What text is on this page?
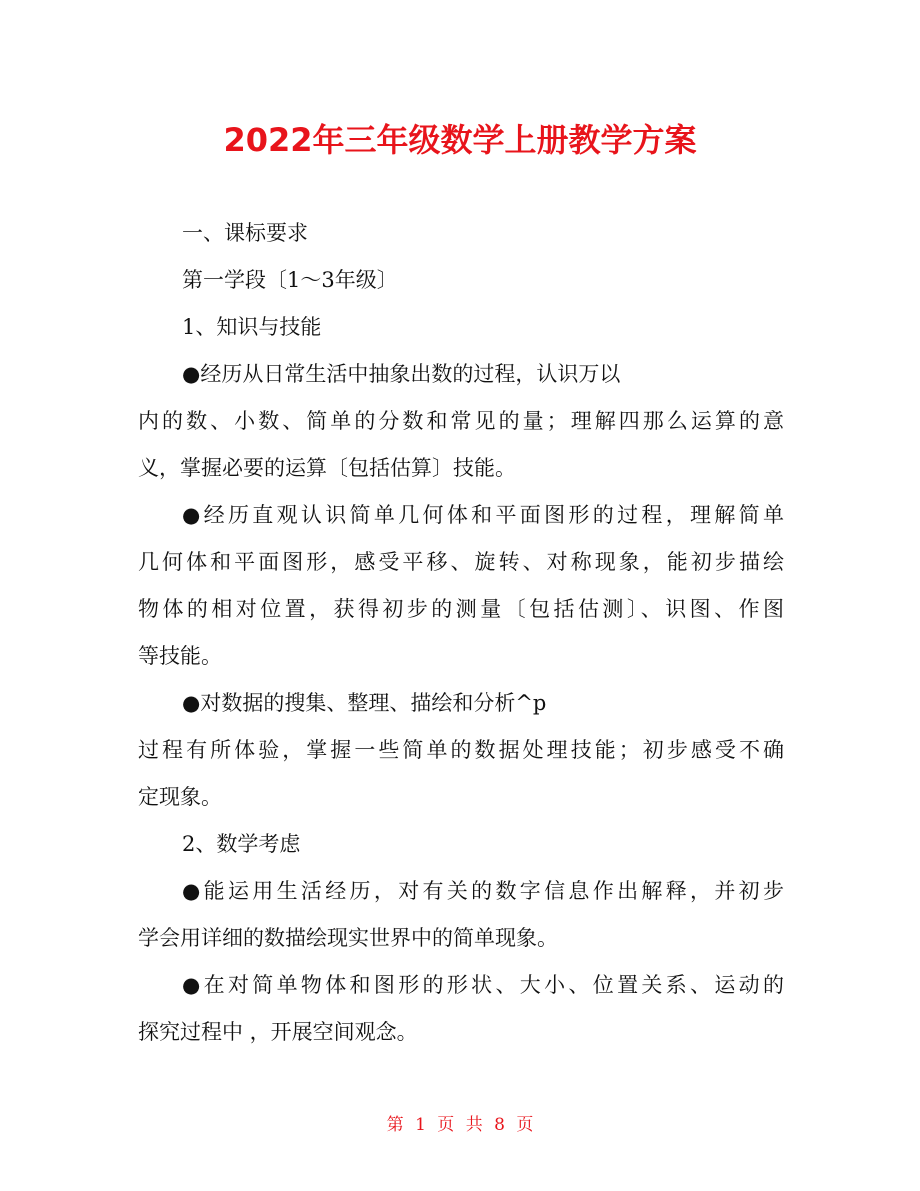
2022年三年级数学上册教学方案
一、课标要求
第一学段〔1～3年级〕
1、知识与技能
●经历从日常生活中抽象出数的过程，认识万以
内的数、小数、简单的分数和常见的量；理解四那么运算的意
义，掌握必要的运算〔包括估算〕技能。
●经历直观认识简单几何体和平面图形的过程，理解简单
几何体和平面图形，感受平移、旋转、对称现象，能初步描绘
物体的相对位置，获得初步的测量〔包括估测〕、识图、作图
等技能。
●对数据的搜集、整理、描绘和分析^p
过程有所体验，掌握一些简单的数据处理技能；初步感受不确
定现象。
2、数学考虑
●能运用生活经历，对有关的数字信息作出解释，并初步
学会用详细的数描绘现实世界中的简单现象。
●在对简单物体和图形的形状、大小、位置关系、运动的
探究过程中 ，开展空间观念。
第 1 页 共 8 页
